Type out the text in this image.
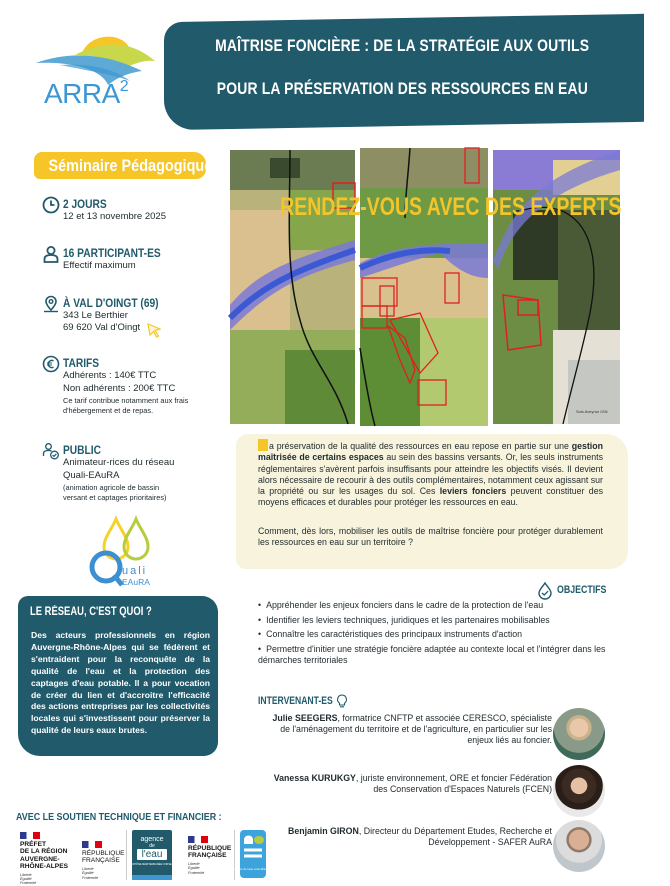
ARRA$^2$
MAÎTRISE FONCIÈRE : DE LA STRATÉGIE AUX OUTILS
POUR LA PRÉSERVATION DES RESSOURCES EN EAU
Séminaire Pédagogique
2 JOURS
12 et 13 novembre 2025
16 PARTICIPANT-ES
Effectif maximum
À VAL D'OINGT (69)
343 Le Berthier
69 620 Val d'Oingt
TARIFS
Adhérents : 140€ TTC
Non adhérents : 200€ TTC
Ce tarif contribue notamment aux frais
d'hébergement et de repas.
PUBLIC
Animateur-rices du réseau
Quali-EAuRA
(animation agricole de bassin
versant et captages prioritaires)
uali
EAuRA
LE RÉSEAU, C'EST QUOI ?
Des acteurs professionnels en région Auvergne-Rhône-Alpes qui se fédèrent et s'entraident pour la reconquête de la qualité de l'eau et la protection des captages d'eau potable. Il a pour vocation de créer du lien et d'accroitre l'efficacité des actions entreprises par les collectivités locales qui s'investissent pour préserver la qualité de leurs eaux brutes.
AVEC LE SOUTIEN TECHNIQUE ET FINANCIER :
PRÉFET
DE LA RÉGION
AUVERGNE-
RHÔNE-ALPES
Liberté
Égalité
Fraternité
RÉPUBLIQUE
FRANÇAISE
Liberté
Égalité
Fraternité
agence
de
l'eau
RHÔNE MÉDITERRANÉE CORSE
RÉPUBLIQUE
FRANÇAISE
Liberté
Égalité
Fraternité
agence de l'eau Loire-Bretagne
RENDEZ-VOUS AVEC DES EXPERTS
Sols Aveyron IGN

a préservation de la qualité des ressources en eau repose en partie sur une gestion maîtrisée de certains espaces au sein des bassins versants. Or, les seuls instruments réglementaires s'avèrent parfois insuffisants pour atteindre les objectifs visés. Il devient alors nécessaire de recourir à des outils complémentaires, notamment ceux agissant sur la propriété ou sur les usages du sol. Ces leviers fonciers peuvent constituer des moyens efficaces et durables pour protéger les ressources en eau.

Comment, dès lors, mobiliser les outils de maîtrise foncière pour protéger durablement les ressources en eau sur un territoire ?

OBJECTIFS
• Appréhender les enjeux fonciers dans le cadre de la protection de l'eau
• Identifier les leviers techniques, juridiques et les partenaires mobilisables
• Connaître les caractéristiques des principaux instruments d'action
• Permettre d'initier une stratégie foncière adaptée au contexte local et l'intégrer dans les démarches territoriales
INTERVENANT-ES
Julie SEEGERS, formatrice CNFTP et associée CERESCO, spécialiste de l'aménagement du territoire et de l'agriculture, en particulier sur les enjeux liés au foncier.
Vanessa KURUKGY, juriste environnement, ORE et foncier Fédération des Conservation d'Espaces Naturels (FCEN)
Benjamin GIRON, Directeur du Département Etudes, Recherche et Développement - SAFER AuRA
